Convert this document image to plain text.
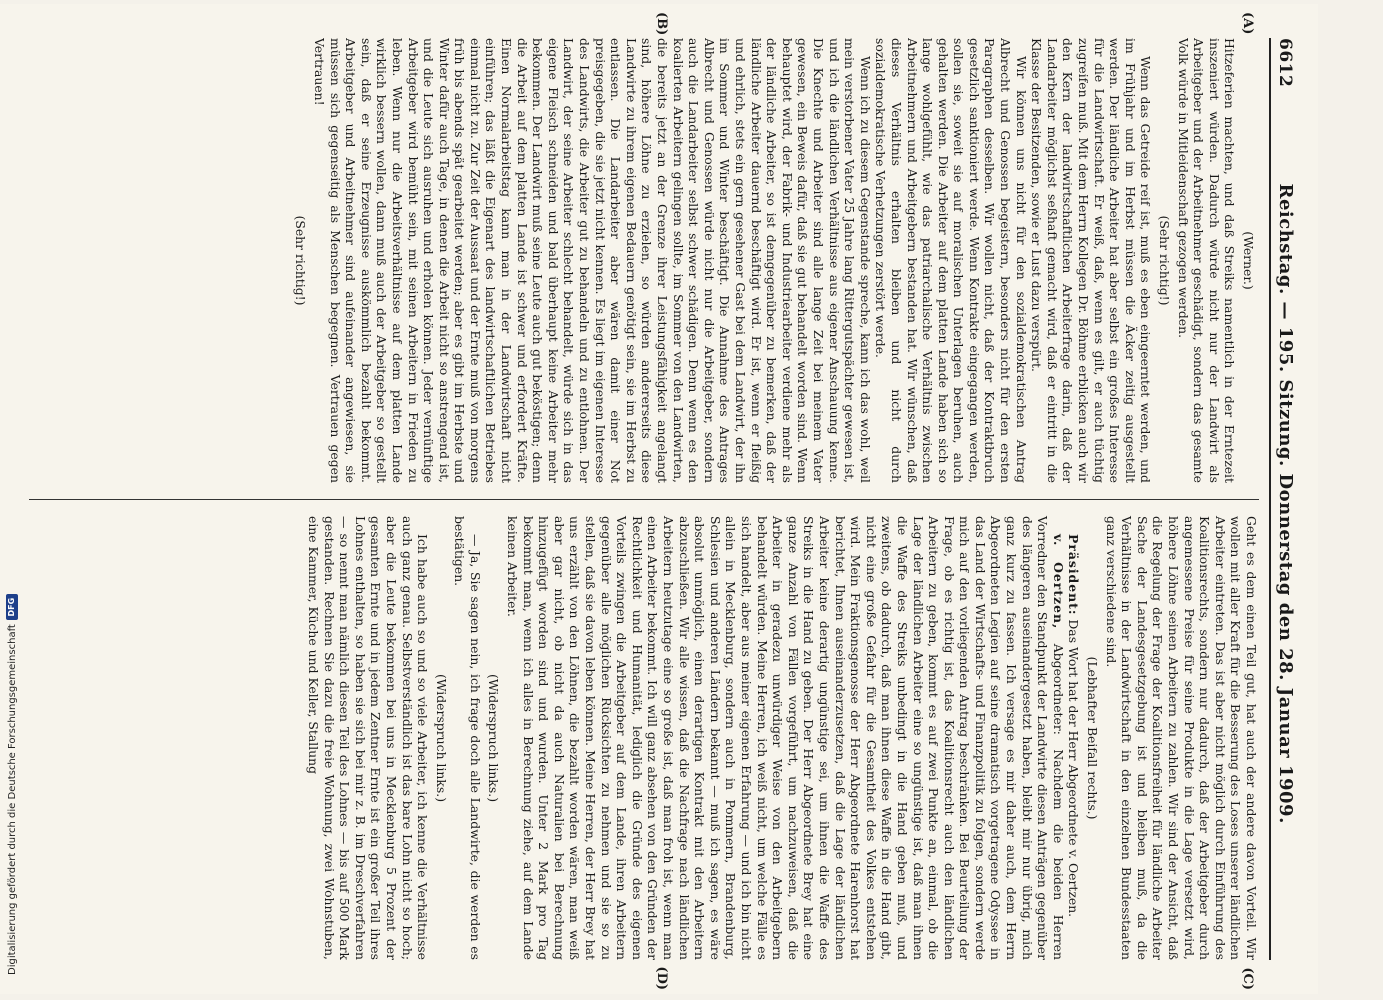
6612
Reichstag. — 195. Sitzung. Donnerstag den 28. Januar 1909.
(A)
(B)
(C)
(D)

(Werner.)

Hitzeferien machten, und daß Streiks namentlich in der Erntezeit inszeniert würden. Dadurch würde nicht nur der Landwirt als Arbeitgeber und der Arbeitnehmer geschädigt, sondern das gesamte Volk würde in Mitleidenschaft gezogen werden.

(Sehr richtig!)

Wenn das Getreide reif ist, muß es eben eingeerntet werden, und im Frühjahr und im Herbst müssen die Äcker zeitig ausgestellt werden. Der ländliche Arbeiter hat aber selbst ein großes Interesse für die Landwirtschaft. Er weiß, daß, wenn es gilt, er auch tüchtig zugreifen muß. Mit dem Herrn Kollegen Dr. Böhme erblicken auch wir den Kern der landwirtschaftlichen Arbeiterfrage darin, daß der Landarbeiter möglichst seßhaft gemacht wird, daß er eintritt in die Klasse der Besitzenden, sowie er Lust dazu verspürt.

Wir können uns nicht für den sozialdemokratischen Antrag Albrecht und Genossen begeistern, besonders nicht für den ersten Paragraphen desselben. Wir wollen nicht, daß der Kontraktbruch gesetzlich sanktioniert werde. Wenn Kontrakte eingegangen werden, sollen sie, soweit sie auf moralischen Unterlagen beruhen, auch gehalten werden. Die Arbeiter auf dem platten Lande haben sich so lange wohlgefühlt, wie das patriarchalische Verhältnis zwischen Arbeitnehmern und Arbeitgebern bestanden hat. Wir wünschen, daß dieses Verhältnis erhalten bleiben und nicht durch sozialdemokratische Verhetzungen zerstört werde.

Wenn ich zu diesem Gegenstande spreche, kann ich das wohl, weil mein verstorbener Vater 25 Jahre lang Rittergutspächter gewesen ist, und ich die ländlichen Verhältnisse aus eigener Anschauung kenne. Die Knechte und Arbeiter sind alle lange Zeit bei meinem Vater gewesen, ein Beweis dafür, daß sie gut behandelt worden sind. Wenn behauptet wird, der Fabrik- und Industriearbeiter verdiene mehr als der ländliche Arbeiter, so ist demgegenüber zu bemerken, daß der ländliche Arbeiter dauernd beschäftigt wird. Er ist, wenn er fleißig und ehrlich, stets ein gern gesehener Gast bei dem Landwirt, der ihn im Sommer und Winter beschäftigt. Die Annahme des Antrages Albrecht und Genossen würde nicht nur die Arbeitgeber, sondern auch die Landarbeiter selbst schwer schädigen. Denn wenn es den koalierten Arbeitern gelingen sollte, im Sommer von den Landwirten, die bereits jetzt an der Grenze ihrer Leistungsfähigkeit angelangt sind, höhere Löhne zu erzielen, so würden andererseits diese Landwirte zu ihrem eigenen Bedauern genötigt sein, sie im Herbst zu entlassen. Die Landarbeiter aber wären damit einer Not preisgegeben, die sie jetzt nicht kennen. Es liegt im eigenen Interesse des Landwirts, die Arbeiter gut zu behandeln und zu entlohnen. Der Landwirt, der seine Arbeiter schlecht behandelt, würde sich in das eigene Fleisch schneiden und bald überhaupt keine Arbeiter mehr bekommen. Der Landwirt muß seine Leute auch gut beköstigen; denn die Arbeit auf dem platten Lande ist schwer und erfordert Kräfte. Einen Normalarbeitstag kann man in der Landwirtschaft nicht einführen; das läßt die Eigenart des landwirtschaftlichen Betriebes einmal nicht zu. Zur Zeit der Aussaat und der Ernte muß von morgens früh bis abends spät gearbeitet werden; aber es gibt im Herbste und Winter dafür auch Tage, in denen die Arbeit nicht so anstrengend ist, und die Leute sich ausruhen und erholen können. Jeder vernünftige Arbeitgeber wird bemüht sein, mit seinen Arbeitern in Frieden zu leben. Wenn nur die Arbeitsverhältnisse auf dem platten Lande wirklich bessern wollen, dann muß auch der Arbeitgeber so gestellt sein, daß er seine Erzeugnisse auskömmlich bezahlt bekommt. Arbeitgeber und Arbeitnehmer sind aufeinander angewiesen, sie müssen sich gegenseitig als Menschen begegnen. Vertrauen gegen Vertrauen!

(Sehr richtig!)

Geht es dem einen Teil gut, hat auch der andere davon Vorteil. Wir wollen mit aller Kraft für die Besserung des Loses unserer ländlichen Arbeiter eintreten. Das ist aber nicht möglich durch Einführung des Koalitionsrechts, sondern nur dadurch, daß der Arbeitgeber durch angemessene Preise für seine Produkte in die Lage versetzt wird, höhere Löhne seinen Arbeitern zu zahlen. Wir sind der Ansicht, daß die Regelung der Frage der Koalitionsfreiheit für ländliche Arbeiter Sache der Landesgesetzgebung ist und bleiben muß, da die Verhältnisse in der Landwirtschaft in den einzelnen Bundesstaaten ganz verschiedene sind.

(Lebhafter Beifall rechts.)

Präsident: Das Wort hat der Herr Abgeordnete v. Oertzen.

v. Oertzen, Abgeordneter: Nachdem die beiden Herren Vorredner den Standpunkt der Landwirte diesen Anträgen gegenüber des längeren auseinandergesetzt haben, bleibt mir nur übrig, mich ganz kurz zu fassen. Ich versage es mir daher auch, dem Herrn Abgeordneten Legien auf seine dramatisch vorgetragene Odyssee in das Land der Wirtschafts- und Finanzpolitik zu folgen, sondern werde mich auf den vorliegenden Antrag beschränken. Bei Beurteilung der Frage, ob es richtig ist, das Koalitionsrecht auch den ländlichen Arbeitern zu geben, kommt es auf zwei Punkte an, einmal, ob die Lage der ländlichen Arbeiter eine so ungünstige ist, daß man ihnen die Waffe des Streiks unbedingt in die Hand geben muß, und zweitens, ob dadurch, daß man ihnen diese Waffe in die Hand gibt, nicht eine große Gefahr für die Gesamtheit des Volkes entstehen wird. Mein Fraktionsgenosse der Herr Abgeordnete Harenhorst hat berichtet, Ihnen auseinanderzusetzen, daß die Lage der ländlichen Arbeiter keine derartig ungünstige sei, um ihnen die Waffe des Streiks in die Hand zu geben. Der Herr Abgeordnete Brey hat eine ganze Anzahl von Fällen vorgeführt, um nachzuweisen, daß die Arbeiter in geradezu unwürdiger Weise von den Arbeitgebern behandelt würden. Meine Herren, ich weiß nicht, um welche Fälle es sich handelt, aber aus meiner eigenen Erfahrung — und ich bin nicht allein in Mecklenburg, sondern auch in Pommern, Brandenburg, Schlesien und anderen Ländern bekannt — muß ich sagen, es wäre absolut unmöglich, einen derartigen Kontrakt mit den Arbeitern abzuschließen. Wir alle wissen, daß die Nachfrage nach ländlichen Arbeitern heutzutage eine so große ist, daß man froh ist, wenn man einen Arbeiter bekommt. Ich will ganz absehen von den Gründen der Rechtlichkeit und Humanität, lediglich die Gründe des eigenen Vorteils zwingen die Arbeitgeber auf dem Lande, ihren Arbeitern gegenüber alle möglichen Rücksichten zu nehmen und sie so zu stellen, daß sie davon leben können. Meine Herren, der Herr Brey hat uns erzählt von den Löhnen, die bezahlt worden wären, man weiß aber gar nicht, ob nicht da auch Naturalien bei Berechnung hinzugefügt worden sind und wurden. Unter 2 Mark pro Tag bekommt man, wenn ich alles in Berechnung ziehe, auf dem Lande keinen Arbeiter.

(Widerspruch links.)

— Ja, Sie sagen nein, ich frage doch alle Landwirte, die werden es bestätigen.

(Widerspruch links.)

Ich habe auch so und so viele Arbeiter, ich kenne die Verhältnisse auch ganz genau. Selbstverständlich ist das bare Lohn nicht so hoch; aber die Leute bekommen bei uns in Mecklenburg 5 Prozent der gesamten Ernte und in jedem Zentner Ernte ist ein großer Teil ihres Lohnes enthalten, so haben sie sich bei mir z. B. im Dreschverfahren — so nennt man nämlich diesen Teil des Lohnes — bis auf 500 Mark gestanden. Rechnen Sie dazu die freie Wohnung, zwei Wohnstuben, eine Kammer, Küche und Keller, Stallung

Digitalisierung gefördert durch die Deutsche Forschungsgemeinschaft
DFG
